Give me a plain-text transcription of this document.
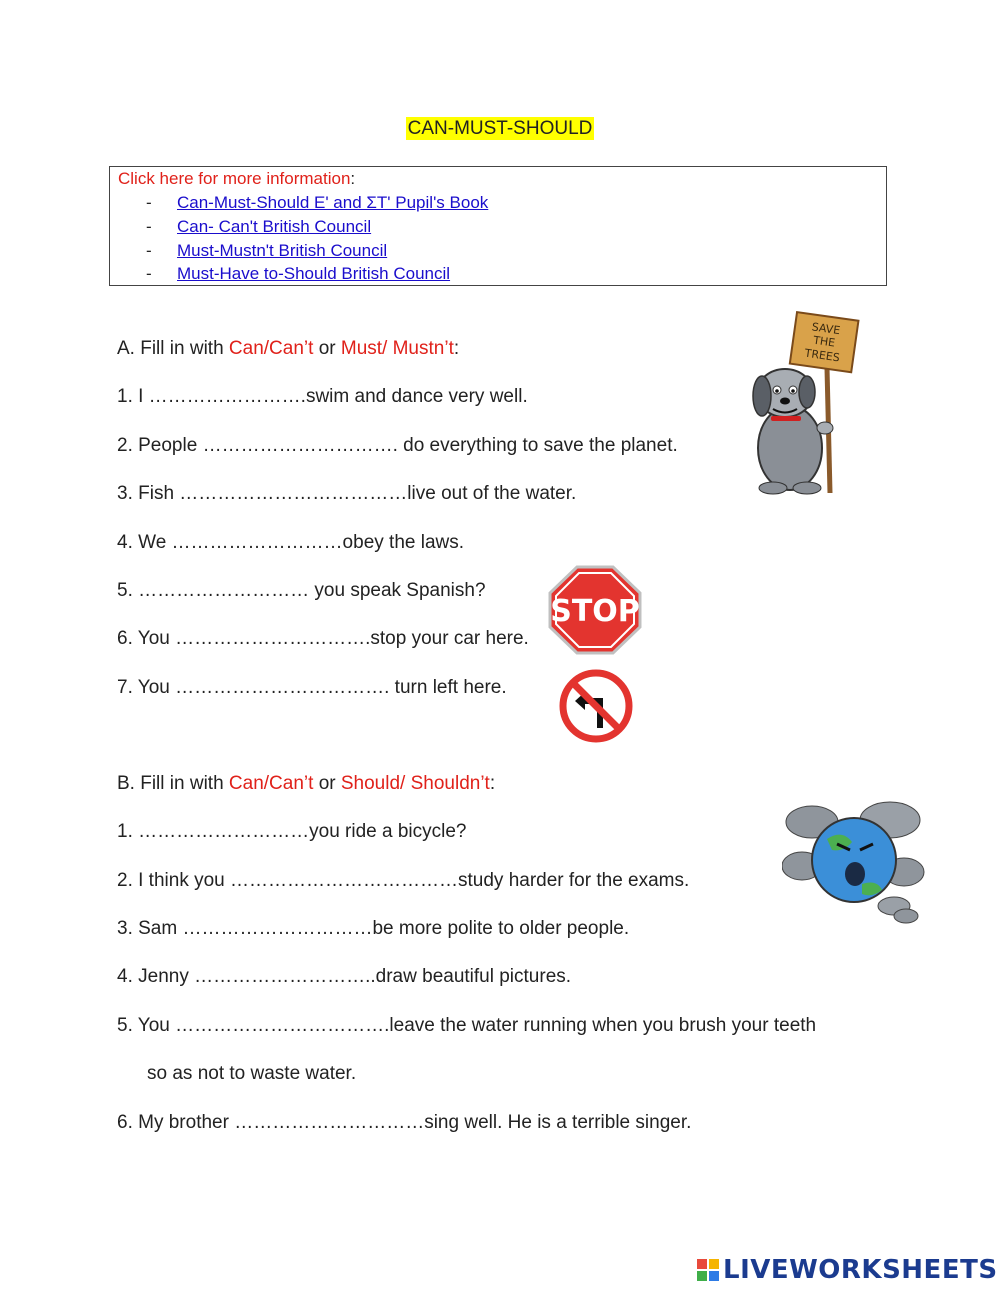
CAN-MUST-SHOULD
Click here for more information:
- Can-Must-Should E' and ΣT' Pupil's Book
- Can- Can't British Council
- Must-Mustn't British Council
- Must-Have to-Should British Council
A. Fill in with Can/Can’t or Must/ Mustn’t:
1. I …………………….swim and dance very well.
2. People …………………………. do everything to save the planet.
3. Fish ………………………………live out of the water.
4. We ………………………obey the laws.
5. ……………………… you speak Spanish?
6. You ………………………….stop your car here.
7. You ……………………………. turn left here.
B. Fill in with Can/Can’t or Should/ Shouldn’t:
1. ………………………you ride a bicycle?
2. I think you ………………………………study harder for the exams.
3. Sam …………………………be more polite to older people.
4. Jenny ………………………..draw beautiful pictures.
5. You …………………………….leave the water running when you brush your teeth
so as not to waste water.
6. My brother …………………………sing well. He is a terrible singer.
SAVE
THE
TREES
STOP
LIVEWORKSHEETS
